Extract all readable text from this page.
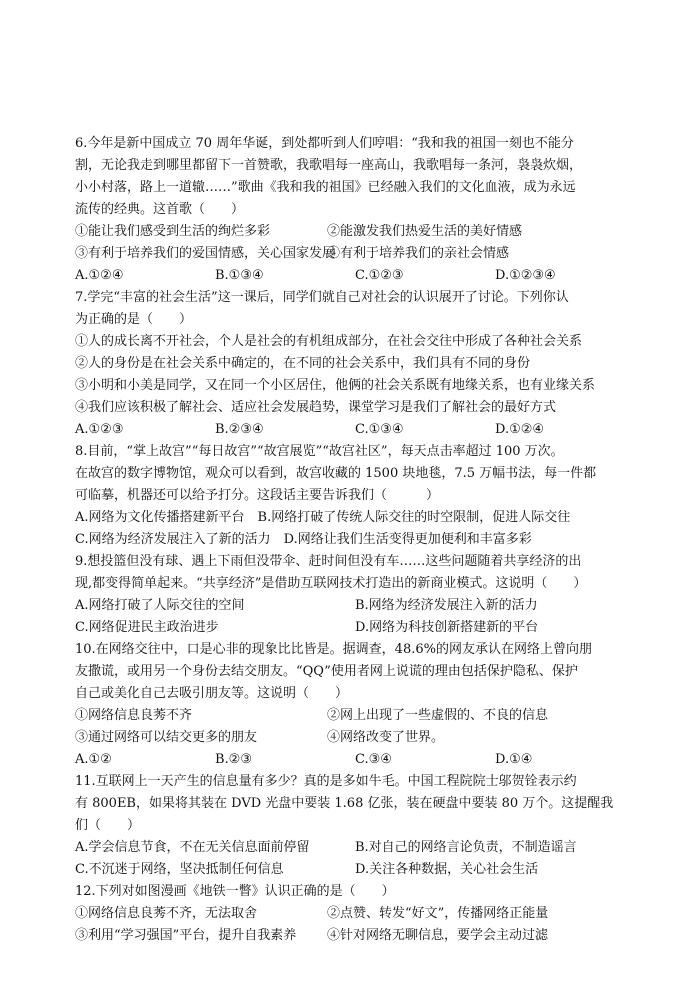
6.今年是新中国成立 70 周年华诞，到处都听到人们哼唱：“我和我的祖国一刻也不能分
割，无论我走到哪里都留下一首赞歌，我歌唱每一座高山，我歌唱每一条河，袅袅炊烟，
小小村落，路上一道辙……”歌曲《我和我的祖国》已经融入我们的文化血液，成为永远
流传的经典。这首歌（　　）
①能让我们感受到生活的绚烂多彩	②能激发我们热爱生活的美好情感
③有利于培养我们的爱国情感，关心国家发展
④有利于培养我们的亲社会情感
A.①②④	B.①③④	C.①②③	D.①②③④
7.学完“丰富的社会生活”这一课后，同学们就自己对社会的认识展开了讨论。下列你认
为正确的是（　　）
①人的成长离不开社会，个人是社会的有机组成部分，在社会交往中形成了各种社会关系
②人的身份是在社会关系中确定的，在不同的社会关系中，我们具有不同的身份
③小明和小美是同学，又在同一个小区居住，他俩的社会关系既有地缘关系，也有业缘关系
④我们应该积极了解社会、适应社会发展趋势，课堂学习是我们了解社会的最好方式
A.①②③	B.②③④	C.①③④	D.①②④
8.目前，“掌上故宫”“每日故宫”“故宫展览”“故宫社区”，每天点击率超过 100 万次。
在故宫的数字博物馆，观众可以看到，故宫收藏的 1500 块地毯，7.5 万幅书法，每一件都
可临摹，机器还可以给予打分。这段话主要告诉我们（　　　）
A.网络为文化传播搭建新平台　B.网络打破了传统人际交往的时空限制，促进人际交往
C.网络为经济发展注入了新的活力　D.网络让我们生活变得更加便利和丰富多彩
9.想投篮但没有球、遇上下雨但没带伞、赶时间但没有车……这些问题随着共享经济的出
现,都变得简单起来。“共享经济”是借助互联网技术打造出的新商业模式。这说明（　　）
A.网络打破了人际交往的空间	B.网络为经济发展注入新的活力
C.网络促进民主政治进步	D.网络为科技创新搭建新的平台
10.在网络交往中，口是心非的现象比比皆是。据调查，48.6%的网友承认在网络上曾向朋
友撒谎，或用另一个身份去结交朋友。“QQ”使用者网上说谎的理由包括保护隐私、保护
自己或美化自己去吸引朋友等。这说明（　　）
①网络信息良莠不齐	②网上出现了一些虚假的、不良的信息
③通过网络可以结交更多的朋友	④网络改变了世界。
A.①②	B.②③	C.③④	D.①④
11.互联网上一天产生的信息量有多少？真的是多如牛毛。中国工程院院士邬贺铨表示约
有 800EB，如果将其装在 DVD 光盘中要装 1.68 亿张，装在硬盘中要装 80 万个。这提醒我
们（　　）
A.学会信息节食，不在无关信息面前停留	B.对自己的网络言论负责，不制造谣言
C.不沉迷于网络，坚决抵制任何信息	D.关注各种数据，关心社会生活
12.下列对如图漫画《地铁一瞥》认识正确的是（　　）
①网络信息良莠不齐，无法取舍	②点赞、转发“好文”，传播网络正能量
③利用“学习强国”平台，提升自我素养	④针对网络无聊信息，要学会主动过滤
